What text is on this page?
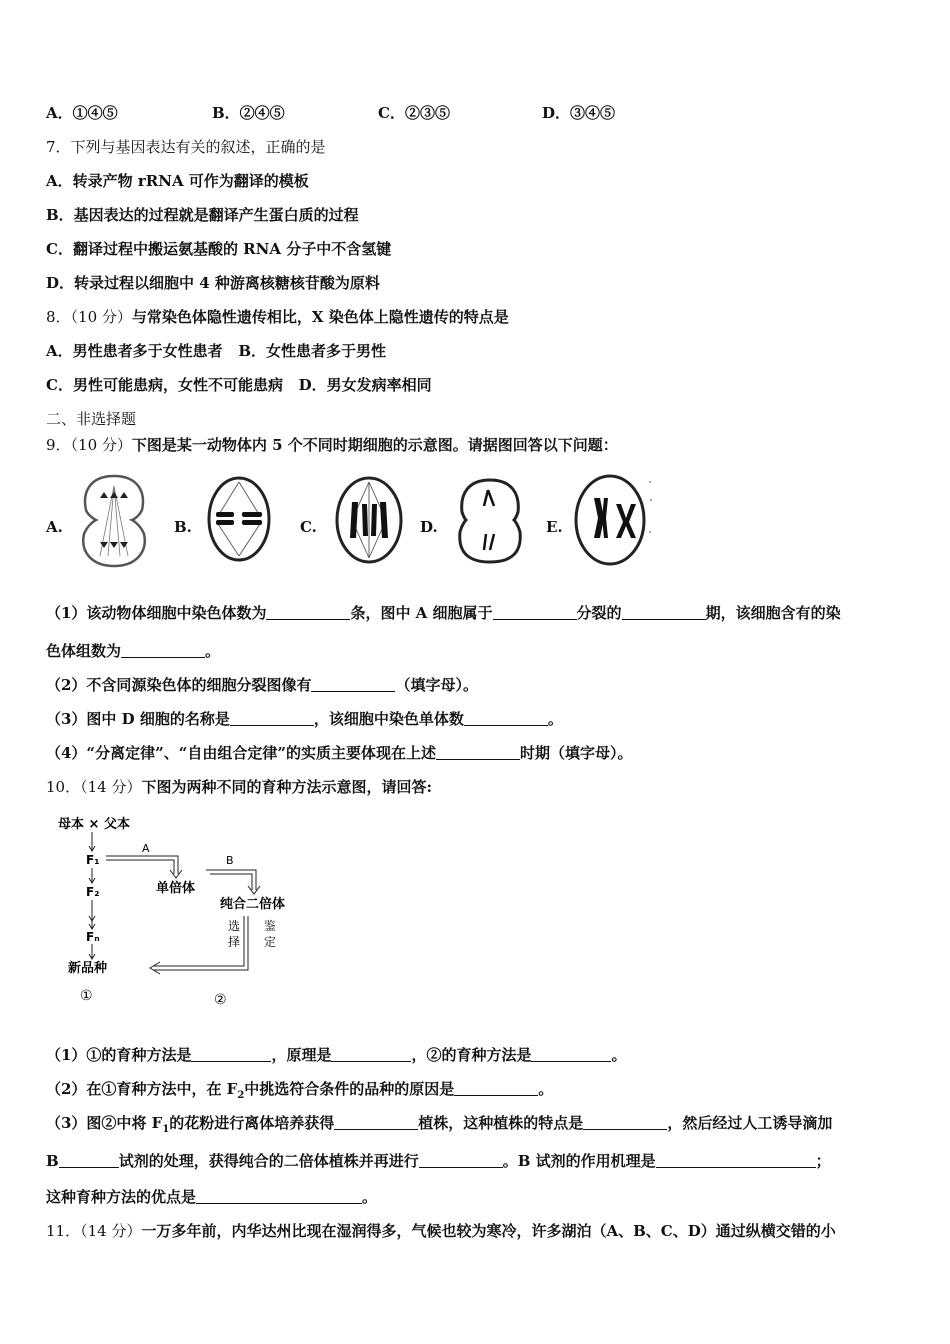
A．①④⑤	B．②④⑤	C．②③⑤	D．③④⑤
7．下列与基因表达有关的叙述，正确的是
A．转录产物 rRNA 可作为翻译的模板
B．基因表达的过程就是翻译产生蛋白质的过程
C．翻译过程中搬运氨基酸的 RNA 分子中不含氢键
D．转录过程以细胞中 4 种游离核糖核苷酸为原料
8．（10 分）与常染色体隐性遗传相比，X 染色体上隐性遗传的特点是
A．男性患者多于女性患者 B．女性患者多于男性
C．男性可能患病，女性不可能患病 D．男女发病率相同
二、非选择题
9．（10 分）下图是某一动物体内 5 个不同时期细胞的示意图。请据图回答以下问题：
A.	B.	C.	D.	E.
（1）该动物体细胞中染色体数为	条，图中 A 细胞属于	分裂的	期，该细胞含有的染
色体组数为	。
（2）不含同源染色体的细胞分裂图像有	（填字母）。
（3）图中 D 细胞的名称是	，该细胞中染色单体数	。
（4）“分离定律”、“自由组合定律”的实质主要体现在上述	时期（填字母）。
10．（14 分）下图为两种不同的育种方法示意图，请回答:
母本 × 父本
F₁
F₂
Fₙ
新品种
①
A
B
单倍体
纯合二倍体
选
择
鉴
定
②
（1）①的育种方法是	，原理是	，②的育种方法是	。
（2）在①育种方法中，在 $F_2$中挑选符合条件的品种的原因是	。
（3）图②中将 $F_1$的花粉进行离体培养获得	植株，这种植株的特点是	，然后经过人工诱导滴加
B	试剂的处理，获得纯合的二倍体植株并再进行	。B 试剂的作用机理是	；
这种育种方法的优点是	。
11．（14 分）一万多年前，内华达州比现在湿润得多，气候也较为寒冷，许多湖泊（A、B、C、D）通过纵横交错的小
